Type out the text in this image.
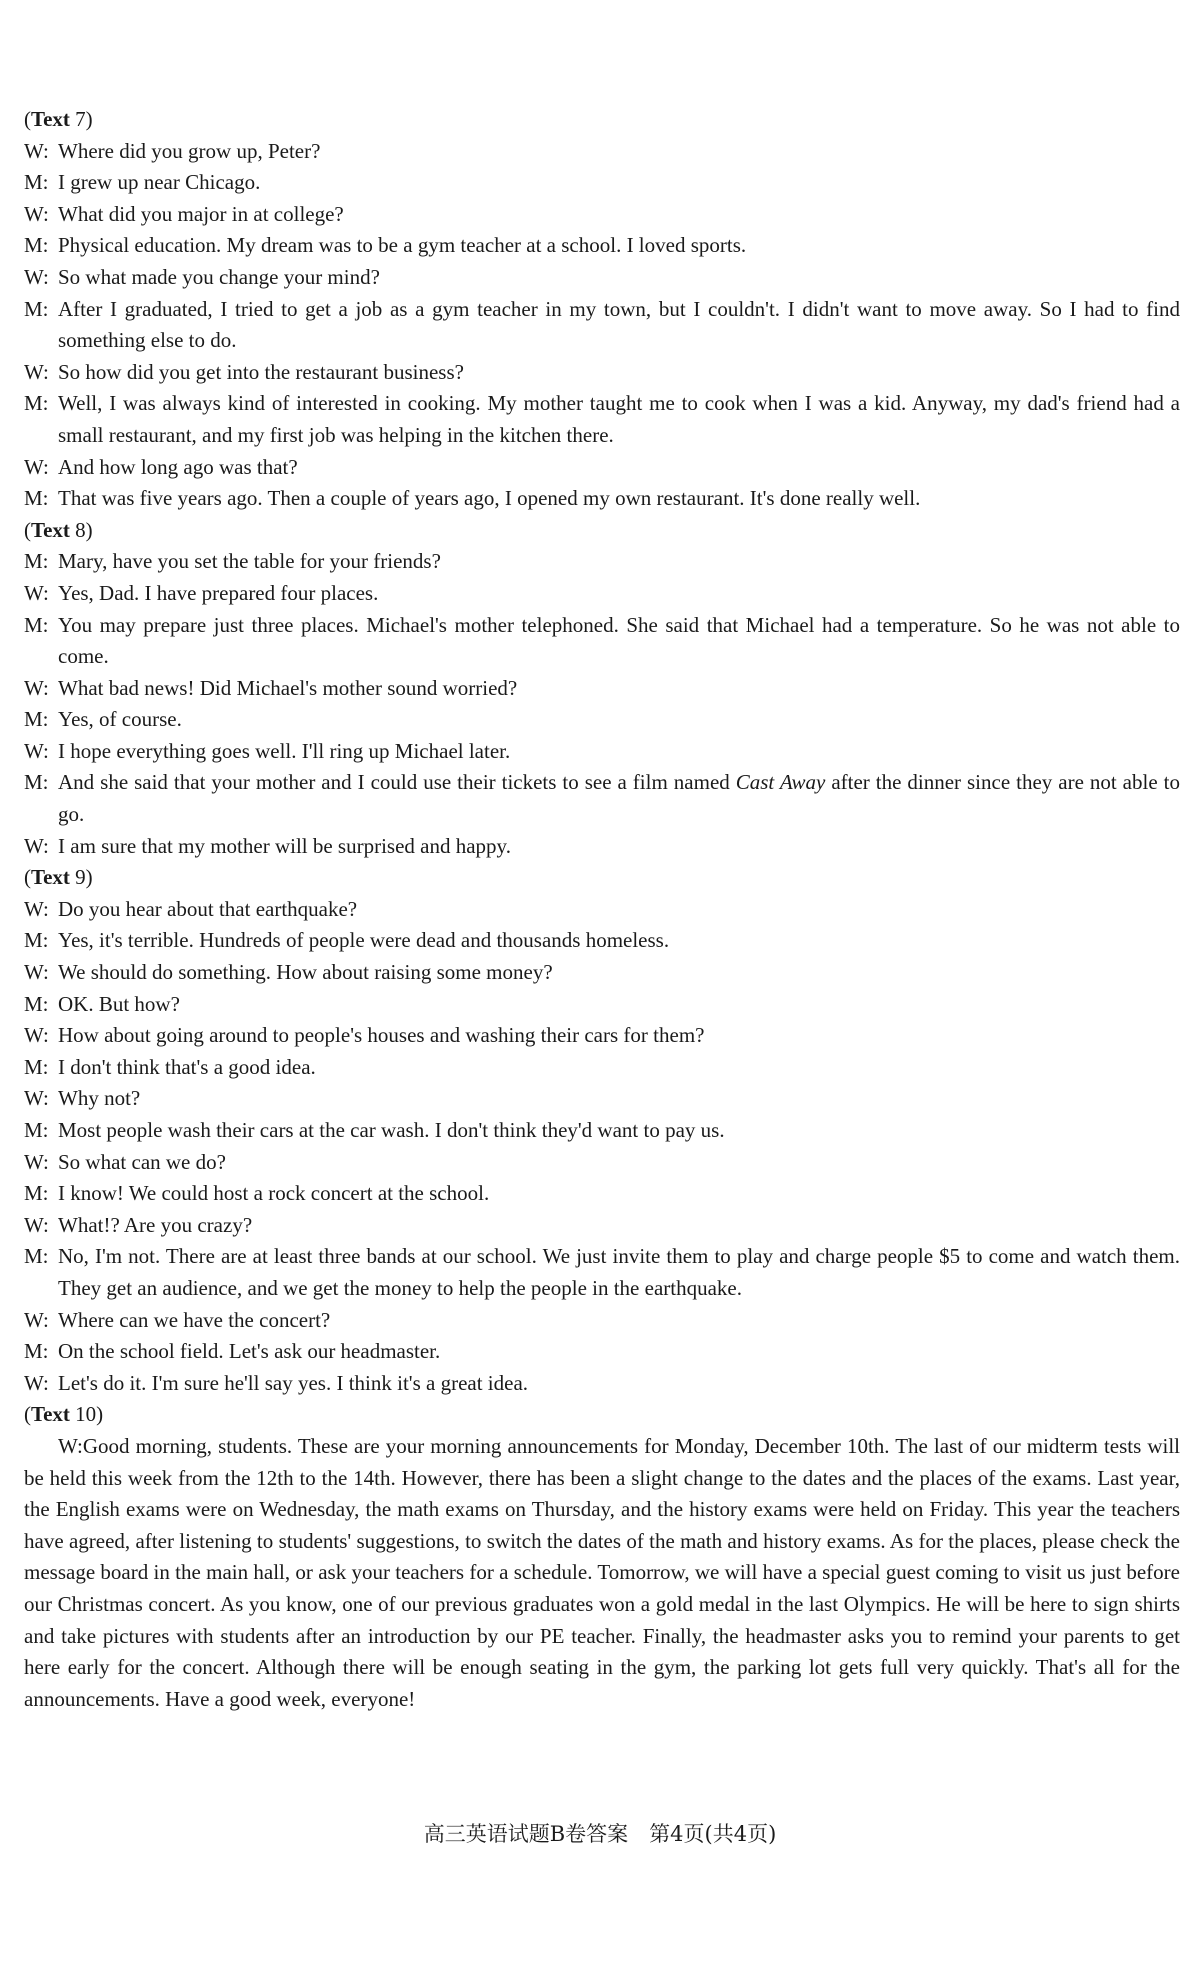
(Text 7)

W: Where did you grow up, Peter?

M: I grew up near Chicago.

W: What did you major in at college?

M: Physical education. My dream was to be a gym teacher at a school. I loved sports.

W: So what made you change your mind?

M: After I graduated, I tried to get a job as a gym teacher in my town, but I couldn't. I didn't want to move away. So I had to find something else to do.

W: So how did you get into the restaurant business?

M: Well, I was always kind of interested in cooking. My mother taught me to cook when I was a kid. Anyway, my dad's friend had a small restaurant, and my first job was helping in the kitchen there.

W: And how long ago was that?

M: That was five years ago. Then a couple of years ago, I opened my own restaurant. It's done really well.

(Text 8)

M: Mary, have you set the table for your friends?

W: Yes, Dad. I have prepared four places.

M: You may prepare just three places. Michael's mother telephoned. She said that Michael had a temperature. So he was not able to come.

W: What bad news! Did Michael's mother sound worried?

M: Yes, of course.

W: I hope everything goes well. I'll ring up Michael later.

M: And she said that your mother and I could use their tickets to see a film named Cast Away after the dinner since they are not able to go.

W: I am sure that my mother will be surprised and happy.

(Text 9)

W: Do you hear about that earthquake?

M: Yes, it's terrible. Hundreds of people were dead and thousands homeless.

W: We should do something. How about raising some money?

M: OK. But how?

W: How about going around to people's houses and washing their cars for them?

M: I don't think that's a good idea.

W: Why not?

M: Most people wash their cars at the car wash. I don't think they'd want to pay us.

W: So what can we do?

M: I know! We could host a rock concert at the school.

W: What!? Are you crazy?

M: No, I'm not. There are at least three bands at our school. We just invite them to play and charge people $5 to come and watch them. They get an audience, and we get the money to help the people in the earthquake.

W: Where can we have the concert?

M: On the school field. Let's ask our headmaster.

W: Let's do it. I'm sure he'll say yes. I think it's a great idea.

(Text 10)

W:Good morning, students. These are your morning announcements for Monday, December 10th. The last of our midterm tests will be held this week from the 12th to the 14th. However, there has been a slight change to the dates and the places of the exams. Last year, the English exams were on Wednesday, the math exams on Thursday, and the history exams were held on Friday. This year the teachers have agreed, after listening to students' suggestions, to switch the dates of the math and history exams. As for the places, please check the message board in the main hall, or ask your teachers for a schedule. Tomorrow, we will have a special guest coming to visit us just before our Christmas concert. As you know, one of our previous graduates won a gold medal in the last Olympics. He will be here to sign shirts and take pictures with students after an introduction by our PE teacher. Finally, the headmaster asks you to remind your parents to get here early for the concert. Although there will be enough seating in the gym, the parking lot gets full very quickly. That's all for the announcements. Have a good week, everyone!

高三英语试题B卷答案　第4页(共4页)
